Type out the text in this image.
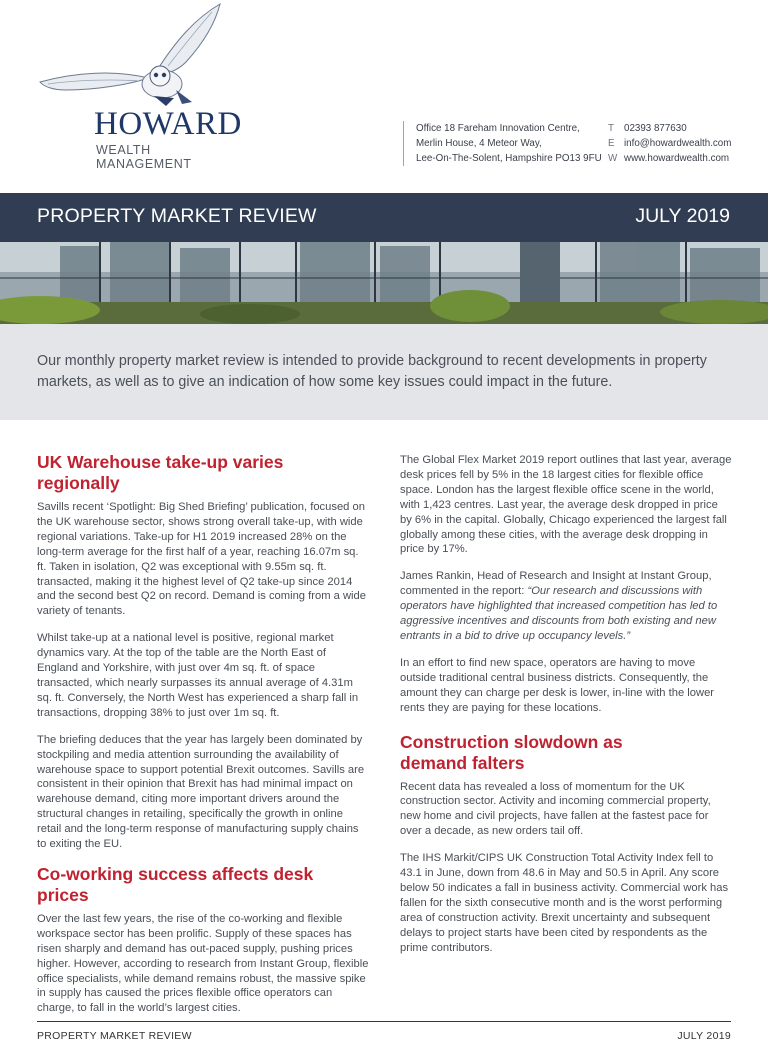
HOWARD
WEALTH MANAGEMENT
Office 18 Fareham Innovation Centre,
Merlin House, 4 Meteor Way,
Lee-On-The-Solent, Hampshire PO13 9FU
T	02393 877630
E info@howardwealth.com
W www.howardwealth.com
PROPERTY MARKET REVIEW	JULY 2019

Our monthly property market review is intended to provide background to recent developments in property markets, as well as to give an indication of how some key issues could impact in the future.

UK Warehouse take-up varies regionally

Savills recent ‘Spotlight: Big Shed Briefing’ publication, focused on the UK warehouse sector, shows strong overall take-up, with wide regional variations. Take-up for H1 2019 increased 28% on the long-term average for the first half of a year, reaching 16.07m sq. ft. Taken in isolation, Q2 was exceptional with 9.55m sq. ft. transacted, making it the highest level of Q2 take-up since 2014 and the second best Q2 on record. Demand is coming from a wide variety of tenants.

Whilst take-up at a national level is positive, regional market dynamics vary. At the top of the table are the North East of England and Yorkshire, with just over 4m sq. ft. of space transacted, which nearly surpasses its annual average of 4.31m sq. ft. Conversely, the North West has experienced a sharp fall in transactions, dropping 38% to just over 1m sq. ft.

The briefing deduces that the year has largely been dominated by stockpiling and media attention surrounding the availability of warehouse space to support potential Brexit outcomes. Savills are consistent in their opinion that Brexit has had minimal impact on warehouse demand, citing more important drivers around the structural changes in retailing, specifically the growth in online retail and the long-term response of manufacturing supply chains to exiting the EU.

Co-working success affects desk prices

Over the last few years, the rise of the co-working and flexible workspace sector has been prolific. Supply of these spaces has risen sharply and demand has out-paced supply, pushing prices higher. However, according to research from Instant Group, flexible office specialists, while demand remains robust, the massive spike in supply has caused the prices flexible office operators can charge, to fall in the world’s largest cities.

The Global Flex Market 2019 report outlines that last year, average desk prices fell by 5% in the 18 largest cities for flexible office space. London has the largest flexible office scene in the world, with 1,423 centres. Last year, the average desk dropped in price by 6% in the capital. Globally, Chicago experienced the largest fall globally among these cities, with the average desk dropping in price by 17%.

James Rankin, Head of Research and Insight at Instant Group, commented in the report: “Our research and discussions with operators have highlighted that increased competition has led to aggressive incentives and discounts from both existing and new entrants in a bid to drive up occupancy levels.”

In an effort to find new space, operators are having to move outside traditional central business districts. Consequently, the amount they can charge per desk is lower, in-line with the lower rents they are paying for these locations.

Construction slowdown as
demand falters

Recent data has revealed a loss of momentum for the UK construction sector. Activity and incoming commercial property, new home and civil projects, have fallen at the fastest pace for over a decade, as new orders tail off.

The IHS Markit/CIPS UK Construction Total Activity Index fell to 43.1 in June, down from 48.6 in May and 50.5 in April. Any score below 50 indicates a fall in business activity. Commercial work has fallen for the sixth consecutive month and is the worst performing area of construction activity. Brexit uncertainty and subsequent delays to project starts have been cited by respondents as the prime contributors.

PROPERTY MARKET REVIEW	JULY 2019
